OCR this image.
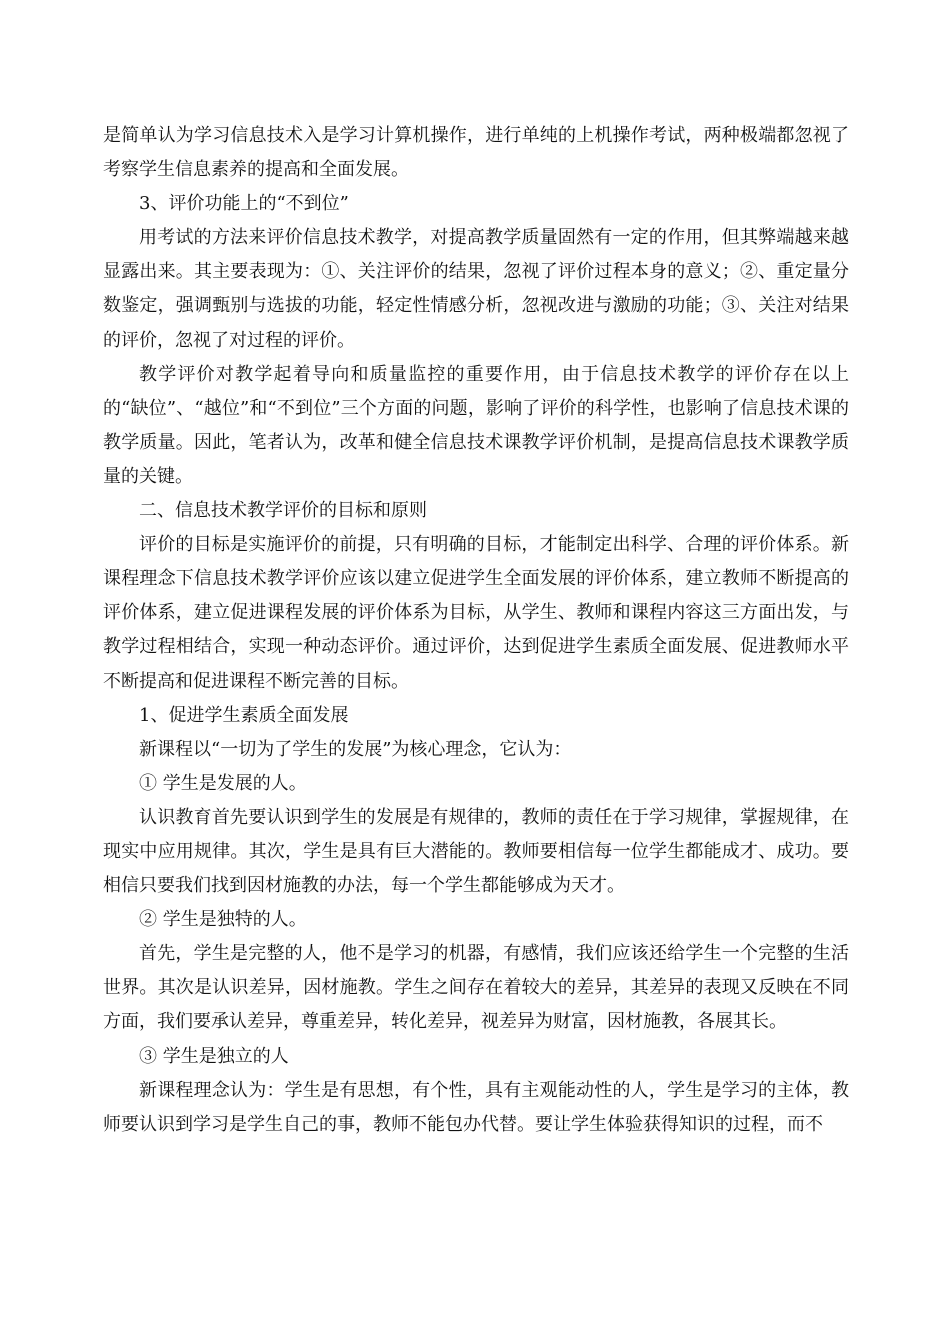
是简单认为学习信息技术入是学习计算机操作，进行单纯的上机操作考试，两种极端都忽视了考察学生信息素养的提高和全面发展。

3、评价功能上的“不到位”

用考试的方法来评价信息技术教学，对提高教学质量固然有一定的作用，但其弊端越来越显露出来。其主要表现为：①、关注评价的结果，忽视了评价过程本身的意义；②、重定量分数鉴定，强调甄别与选拔的功能，轻定性情感分析，忽视改进与激励的功能；③、关注对结果的评价，忽视了对过程的评价。

教学评价对教学起着导向和质量监控的重要作用，由于信息技术教学的评价存在以上的“缺位”、“越位”和“不到位”三个方面的问题，影响了评价的科学性，也影响了信息技术课的教学质量。因此，笔者认为，改革和健全信息技术课教学评价机制，是提高信息技术课教学质量的关键。

二、信息技术教学评价的目标和原则

评价的目标是实施评价的前提，只有明确的目标，才能制定出科学、合理的评价体系。新课程理念下信息技术教学评价应该以建立促进学生全面发展的评价体系，建立教师不断提高的评价体系，建立促进课程发展的评价体系为目标，从学生、教师和课程内容这三方面出发，与教学过程相结合，实现一种动态评价。通过评价，达到促进学生素质全面发展、促进教师水平不断提高和促进课程不断完善的目标。

1、促进学生素质全面发展

新课程以“一切为了学生的发展”为核心理念，它认为：

① 学生是发展的人。

认识教育首先要认识到学生的发展是有规律的，教师的责任在于学习规律，掌握规律，在现实中应用规律。其次，学生是具有巨大潜能的。教师要相信每一位学生都能成才、成功。要相信只要我们找到因材施教的办法，每一个学生都能够成为天才。

② 学生是独特的人。

首先，学生是完整的人，他不是学习的机器，有感情，我们应该还给学生一个完整的生活世界。其次是认识差异，因材施教。学生之间存在着较大的差异，其差异的表现又反映在不同方面，我们要承认差异，尊重差异，转化差异，视差异为财富，因材施教，各展其长。

③ 学生是独立的人

新课程理念认为：学生是有思想，有个性，具有主观能动性的人，学生是学习的主体，教师要认识到学习是学生自己的事，教师不能包办代替。要让学生体验获得知识的过程，而不
